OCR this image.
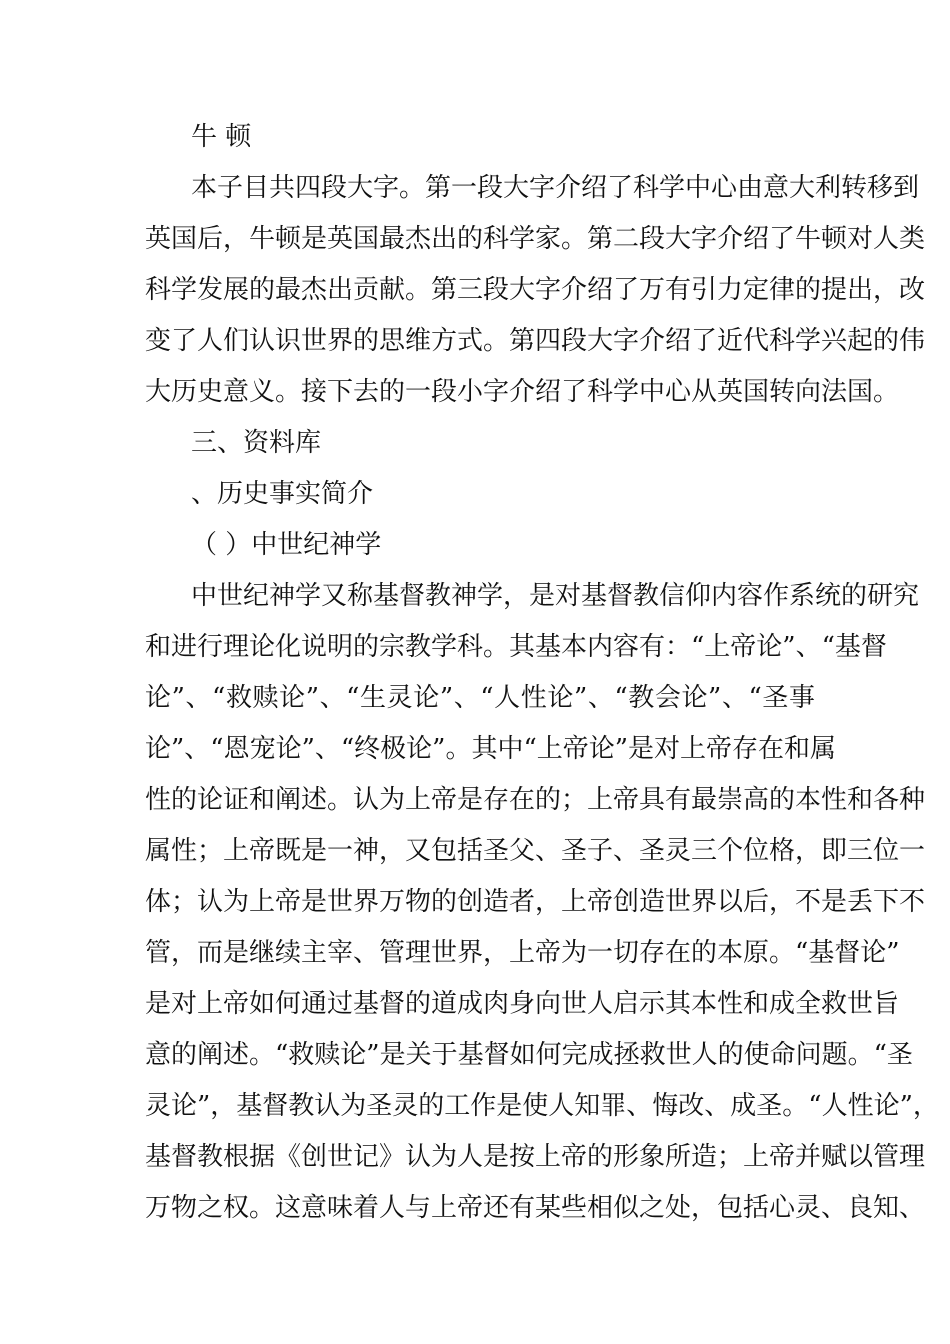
牛 顿
本子目共四段大字。第一段大字介绍了科学中心由意大利转移到
英国后，牛顿是英国最杰出的科学家。第二段大字介绍了牛顿对人类
科学发展的最杰出贡献。第三段大字介绍了万有引力定律的提出，改
变了人们认识世界的思维方式。第四段大字介绍了近代科学兴起的伟
大历史意义。接下去的一段小字介绍了科学中心从英国转向法国。
三、资料库
、历史事实简介
（ ）中世纪神学
中世纪神学又称基督教神学，是对基督教信仰内容作系统的研究
和进行理论化说明的宗教学科。其基本内容有：“上帝论”、“基督
论”、“救赎论”、“生灵论”、“人性论”、“教会论”、“圣事
论”、“恩宠论”、“终极论”。其中“上帝论”是对上帝存在和属
性的论证和阐述。认为上帝是存在的；上帝具有最崇高的本性和各种
属性；上帝既是一神，又包括圣父、圣子、圣灵三个位格，即三位一
体；认为上帝是世界万物的创造者，上帝创造世界以后，不是丢下不
管，而是继续主宰、管理世界，上帝为一切存在的本原。“基督论”
是对上帝如何通过基督的道成肉身向世人启示其本性和成全救世旨
意的阐述。“救赎论”是关于基督如何完成拯救世人的使命问题。“圣
灵论”，基督教认为圣灵的工作是使人知罪、悔改、成圣。“人性论”，
基督教根据《创世记》认为人是按上帝的形象所造；上帝并赋以管理
万物之权。这意味着人与上帝还有某些相似之处，包括心灵、良知、
